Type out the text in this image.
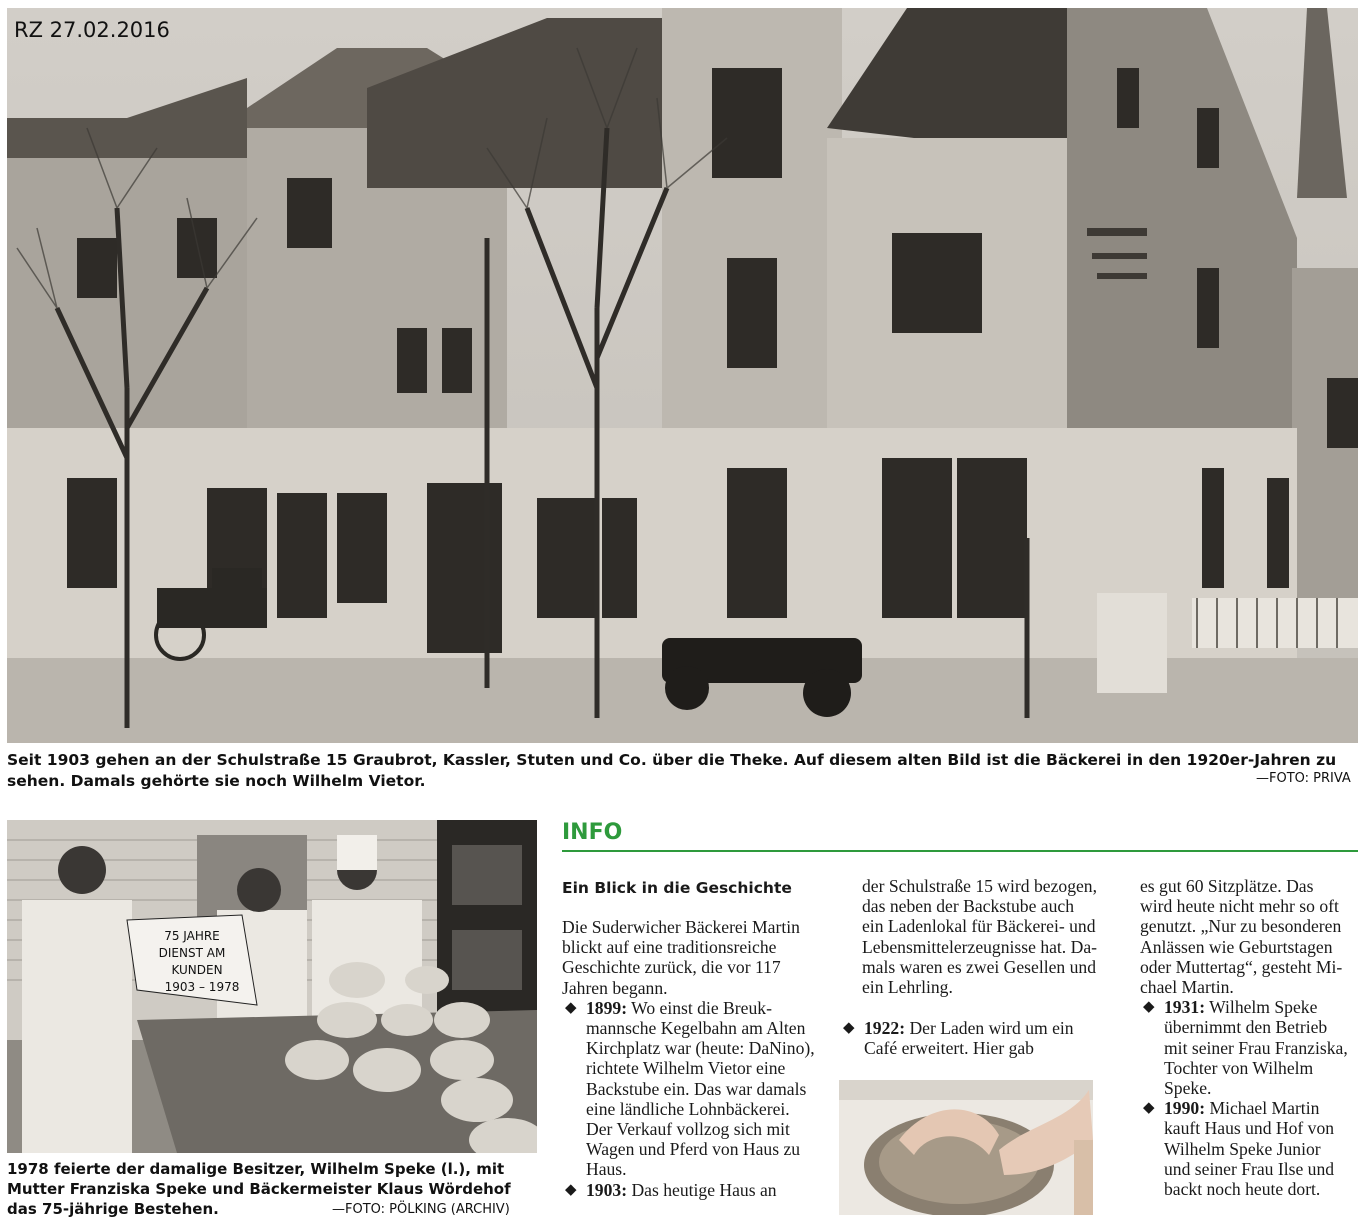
RZ 27.02.2016
Seit 1903 gehen an der Schulstraße 15 Graubrot, Kassler, Stuten und Co. über die Theke. Auf diesem alten Bild ist die Bäckerei in den 1920er-Jahren zu sehen. Damals gehörte sie noch Wilhelm Vietor.	—FOTO: PRIVA
75 JAHRE
DIENST AM
KUNDEN
1903 – 1978
1978 feierte der damalige Besitzer, Wilhelm Speke (l.), mit Mutter Franziska Speke und Bäckermeister Klaus Wördehof das 75-jährige Bestehen.	—FOTO: PÖLKING (ARCHIV)
INFO
Ein Blick in die Geschichte

Die Suderwicher Bäckerei Martin blickt auf eine traditionsreiche Geschichte zurück, die vor 117 Jahren begann.

◆ 1899: Wo einst die Breukmannsche Kegelbahn am Alten Kirchplatz war (heute: DaNino), richtete Wilhelm Vietor eine Backstube ein. Das war damals eine ländliche Lohnbäckerei. Der Verkauf vollzog sich mit Wagen und Pferd von Haus zu Haus.
◆ 1903: Das heutige Haus an

der Schulstraße 15 wird bezogen, das neben der Backstube auch ein Ladenlokal für Bäckerei- und Lebensmittelerzeugnisse hat. Damals waren es zwei Gesellen und ein Lehrling.

es gut 60 Sitzplätze. Das wird heute nicht mehr so oft genutzt. „Nur zu besonderen Anlässen wie Geburtstagen oder Muttertag“, gesteht Michael Martin.

◆ 1931: Wilhelm Speke übernimmt den Betrieb mit seiner Frau Franziska, Tochter von Wilhelm Speke.
◆ 1990: Michael Martin kauft Haus und Hof von Wilhelm Speke Junior und seiner Frau Ilse und backt noch heute dort.
◆ 1922: Der Laden wird um ein Café erweitert. Hier gab
